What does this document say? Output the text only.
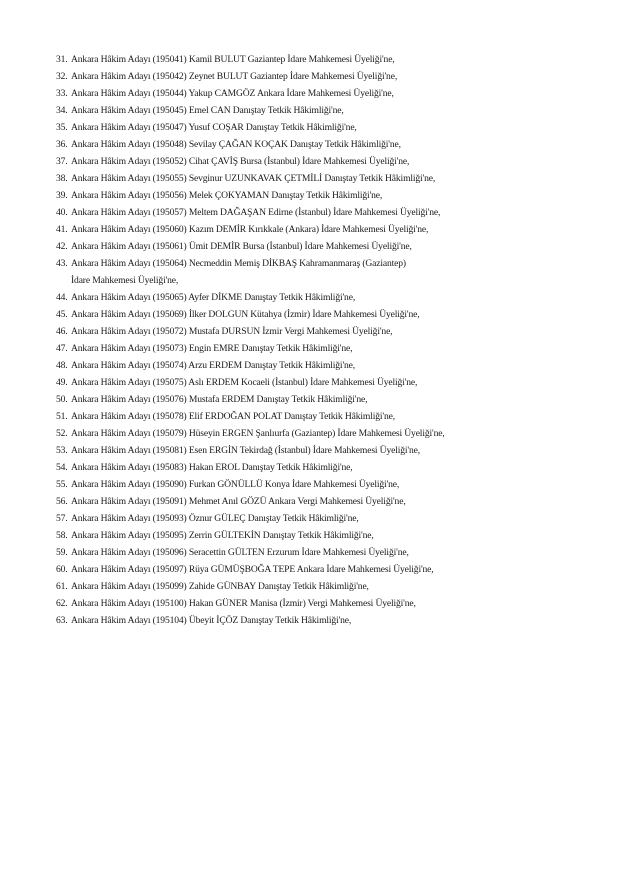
31. Ankara Hâkim Adayı (195041) Kamil BULUT Gaziantep İdare Mahkemesi Üyeliği'ne,
32. Ankara Hâkim Adayı (195042) Zeynet BULUT Gaziantep İdare Mahkemesi Üyeliği'ne,
33. Ankara Hâkim Adayı (195044) Yakup CAMGÖZ Ankara İdare Mahkemesi Üyeliği'ne,
34. Ankara Hâkim Adayı (195045) Emel CAN Danıştay Tetkik Hâkimliği'ne,
35. Ankara Hâkim Adayı (195047) Yusuf COŞAR Danıştay Tetkik Hâkimliği'ne,
36. Ankara Hâkim Adayı (195048) Sevilay ÇAĞAN KOÇAK Danıştay Tetkik Hâkimliği'ne,
37. Ankara Hâkim Adayı (195052) Cihat ÇAVİŞ Bursa (İstanbul) İdare Mahkemesi Üyeliği'ne,
38. Ankara Hâkim Adayı (195055) Sevginur UZUNKAVAK ÇETMİLİ Danıştay Tetkik Hâkimliği'ne,
39. Ankara Hâkim Adayı (195056) Melek ÇOKYAMAN Danıştay Tetkik Hâkimliği'ne,
40. Ankara Hâkim Adayı (195057) Meltem DAĞAŞAN Edirne (İstanbul) İdare Mahkemesi Üyeliği'ne,
41. Ankara Hâkim Adayı (195060) Kazım DEMİR Kırıkkale (Ankara) İdare Mahkemesi Üyeliği'ne,
42. Ankara Hâkim Adayı (195061) Ümit DEMİR Bursa (İstanbul) İdare Mahkemesi Üyeliği'ne,
43. Ankara Hâkim Adayı (195064) Necmeddin Memiş DİKBAŞ Kahramanmaraş (Gaziantep) İdare Mahkemesi Üyeliği'ne,
44. Ankara Hâkim Adayı (195065) Ayfer DİKME Danıştay Tetkik Hâkimliği'ne,
45. Ankara Hâkim Adayı (195069) İlker DOLGUN Kütahya (İzmir) İdare Mahkemesi Üyeliği'ne,
46. Ankara Hâkim Adayı (195072) Mustafa DURSUN İzmir Vergi Mahkemesi Üyeliği'ne,
47. Ankara Hâkim Adayı (195073) Engin EMRE Danıştay Tetkik Hâkimliği'ne,
48. Ankara Hâkim Adayı (195074) Arzu ERDEM Danıştay Tetkik Hâkimliği'ne,
49. Ankara Hâkim Adayı (195075) Aslı ERDEM Kocaeli (İstanbul) İdare Mahkemesi Üyeliği'ne,
50. Ankara Hâkim Adayı (195076) Mustafa ERDEM Danıştay Tetkik Hâkimliği'ne,
51. Ankara Hâkim Adayı (195078) Elif ERDOĞAN POLAT Danıştay Tetkik Hâkimliği'ne,
52. Ankara Hâkim Adayı (195079) Hüseyin ERGEN Şanlıurfa (Gaziantep) İdare Mahkemesi Üyeliği'ne,
53. Ankara Hâkim Adayı (195081) Esen ERGİN Tekirdağ (İstanbul) İdare Mahkemesi Üyeliği'ne,
54. Ankara Hâkim Adayı (195083) Hakan EROL Danıştay Tetkik Hâkimliği'ne,
55. Ankara Hâkim Adayı (195090) Furkan GÖNÜLLÜ Konya İdare Mahkemesi Üyeliği'ne,
56. Ankara Hâkim Adayı (195091) Mehmet Anıl GÖZÜ Ankara Vergi Mahkemesi Üyeliği'ne,
57. Ankara Hâkim Adayı (195093) Öznur GÜLEÇ Danıştay Tetkik Hâkimliği'ne,
58. Ankara Hâkim Adayı (195095) Zerrin GÜLTEKİN Danıştay Tetkik Hâkimliği'ne,
59. Ankara Hâkim Adayı (195096) Seracettin GÜLTEN Erzurum İdare Mahkemesi Üyeliği'ne,
60. Ankara Hâkim Adayı (195097) Rüya GÜMÜŞBOĞA TEPE Ankara İdare Mahkemesi Üyeliği'ne,
61. Ankara Hâkim Adayı (195099) Zahide GÜNBAY Danıştay Tetkik Hâkimliği'ne,
62. Ankara Hâkim Adayı (195100) Hakan GÜNER Manisa (İzmir) Vergi Mahkemesi Üyeliği'ne,
63. Ankara Hâkim Adayı (195104) Übeyit İÇÖZ Danıştay Tetkik Hâkimliği'ne,
